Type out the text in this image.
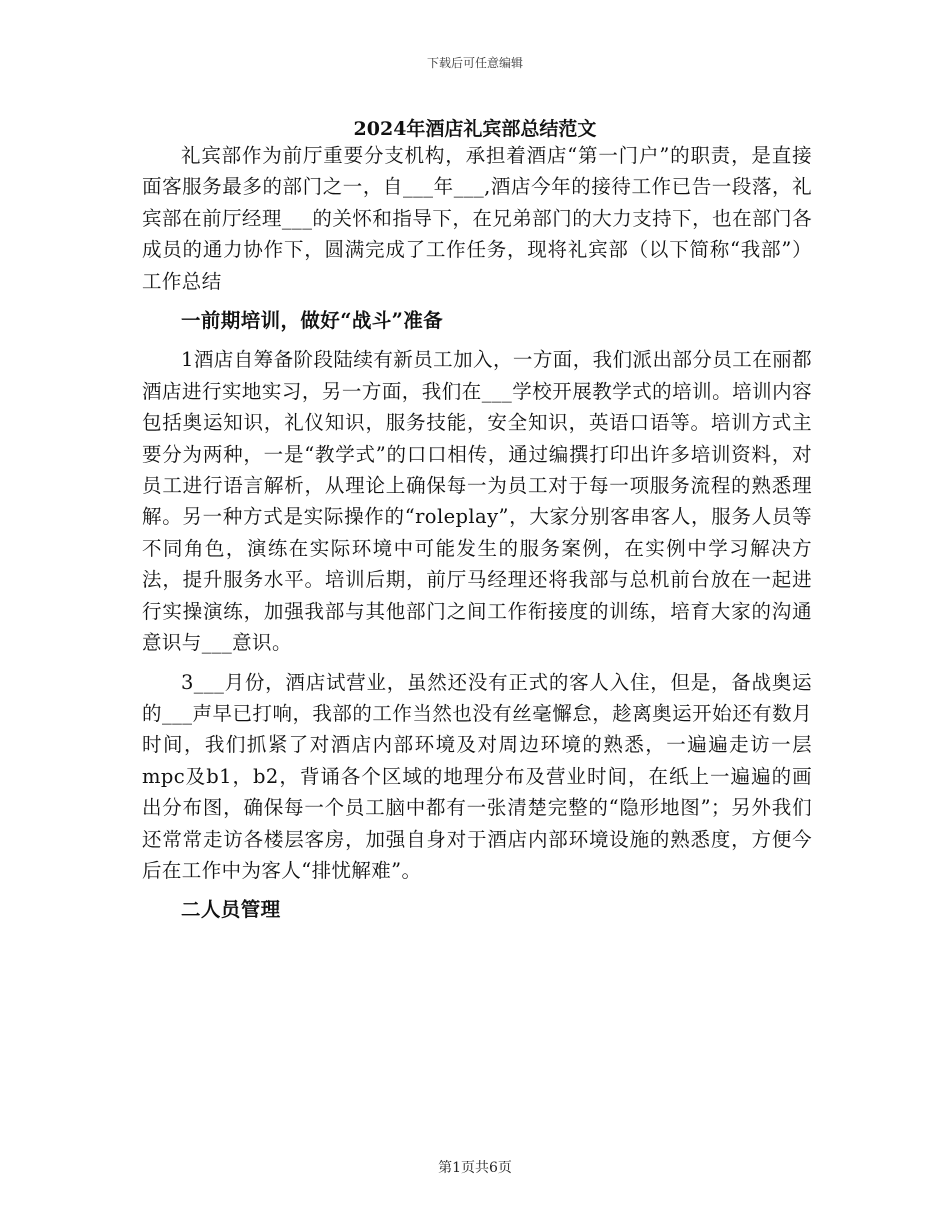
下载后可任意编辑
2024年酒店礼宾部总结范文

礼宾部作为前厅重要分支机构，承担着酒店“第一门户”的职责，是直接面客服务最多的部门之一，自___年___,酒店今年的接待工作已告一段落，礼宾部在前厅经理___的关怀和指导下，在兄弟部门的大力支持下，也在部门各成员的通力协作下，圆满完成了工作任务，现将礼宾部（以下简称“我部”）工作总结

一前期培训，做好“战斗”准备

1酒店自筹备阶段陆续有新员工加入，一方面，我们派出部分员工在丽都酒店进行实地实习，另一方面，我们在___学校开展教学式的培训。培训内容包括奥运知识，礼仪知识，服务技能，安全知识，英语口语等。培训方式主要分为两种，一是“教学式”的口口相传，通过编撰打印出许多培训资料，对员工进行语言解析，从理论上确保每一为员工对于每一项服务流程的熟悉理解。另一种方式是实际操作的“roleplay”，大家分别客串客人，服务人员等不同角色，演练在实际环境中可能发生的服务案例，在实例中学习解决方法，提升服务水平。培训后期，前厅马经理还将我部与总机前台放在一起进行实操演练，加强我部与其他部门之间工作衔接度的训练，培育大家的沟通意识与___意识。

3___月份，酒店试营业，虽然还没有正式的客人入住，但是，备战奥运的___声早已打响，我部的工作当然也没有丝毫懈怠，趁离奥运开始还有数月时间，我们抓紧了对酒店内部环境及对周边环境的熟悉，一遍遍走访一层mpc及b1，b2，背诵各个区域的地理分布及营业时间，在纸上一遍遍的画出分布图，确保每一个员工脑中都有一张清楚完整的“隐形地图”；另外我们还常常走访各楼层客房，加强自身对于酒店内部环境设施的熟悉度，方便今后在工作中为客人“排忧解难”。

二人员管理
第1页共6页
